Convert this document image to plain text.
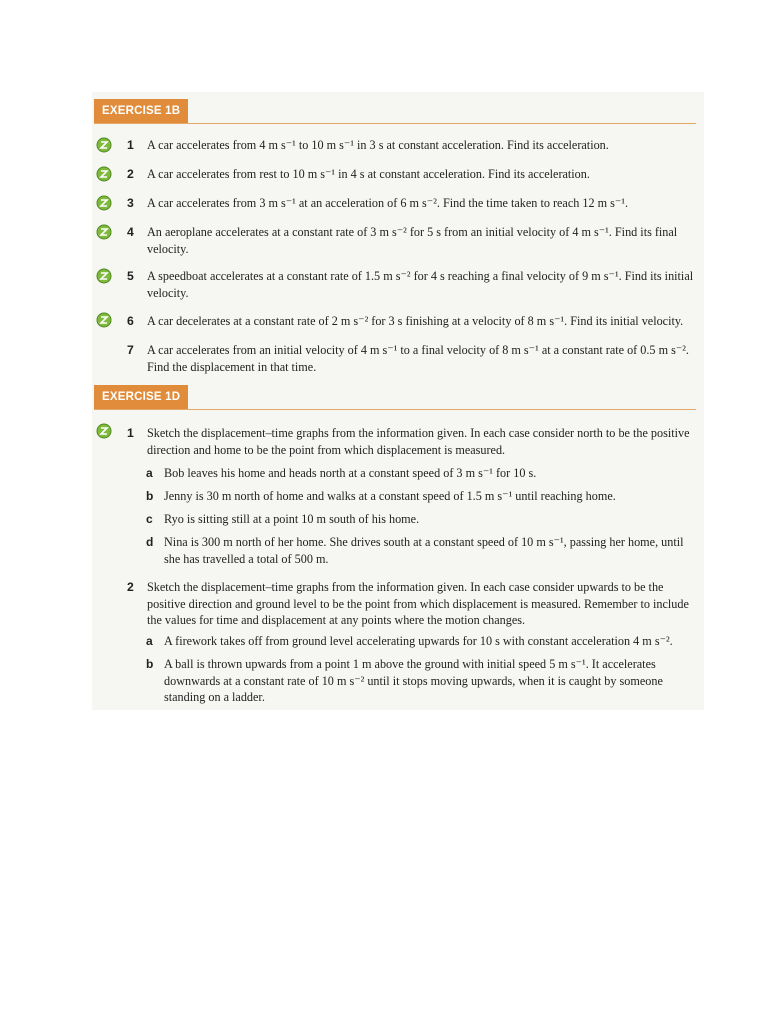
EXERCISE 1B
1 A car accelerates from 4 m s⁻¹ to 10 m s⁻¹ in 3 s at constant acceleration. Find its acceleration.
2 A car accelerates from rest to 10 m s⁻¹ in 4 s at constant acceleration. Find its acceleration.
3 A car accelerates from 3 m s⁻¹ at an acceleration of 6 m s⁻². Find the time taken to reach 12 m s⁻¹.
4 An aeroplane accelerates at a constant rate of 3 m s⁻² for 5 s from an initial velocity of 4 m s⁻¹. Find its final velocity.
5 A speedboat accelerates at a constant rate of 1.5 m s⁻² for 4 s reaching a final velocity of 9 m s⁻¹. Find its initial velocity.
6 A car decelerates at a constant rate of 2 m s⁻² for 3 s finishing at a velocity of 8 m s⁻¹. Find its initial velocity.
7 A car accelerates from an initial velocity of 4 m s⁻¹ to a final velocity of 8 m s⁻¹ at a constant rate of 0.5 m s⁻². Find the displacement in that time.
EXERCISE 1D
1 Sketch the displacement–time graphs from the information given. In each case consider north to be the positive direction and home to be the point from which displacement is measured.
a Bob leaves his home and heads north at a constant speed of 3 m s⁻¹ for 10 s.
b Jenny is 30 m north of home and walks at a constant speed of 1.5 m s⁻¹ until reaching home.
c Ryo is sitting still at a point 10 m south of his home.
d Nina is 300 m north of her home. She drives south at a constant speed of 10 m s⁻¹, passing her home, until she has travelled a total of 500 m.
2 Sketch the displacement–time graphs from the information given. In each case consider upwards to be the positive direction and ground level to be the point from which displacement is measured. Remember to include the values for time and displacement at any points where the motion changes.
a A firework takes off from ground level accelerating upwards for 10 s with constant acceleration 4 m s⁻².
b A ball is thrown upwards from a point 1 m above the ground with initial speed 5 m s⁻¹. It accelerates downwards at a constant rate of 10 m s⁻² until it stops moving upwards, when it is caught by someone standing on a ladder.
